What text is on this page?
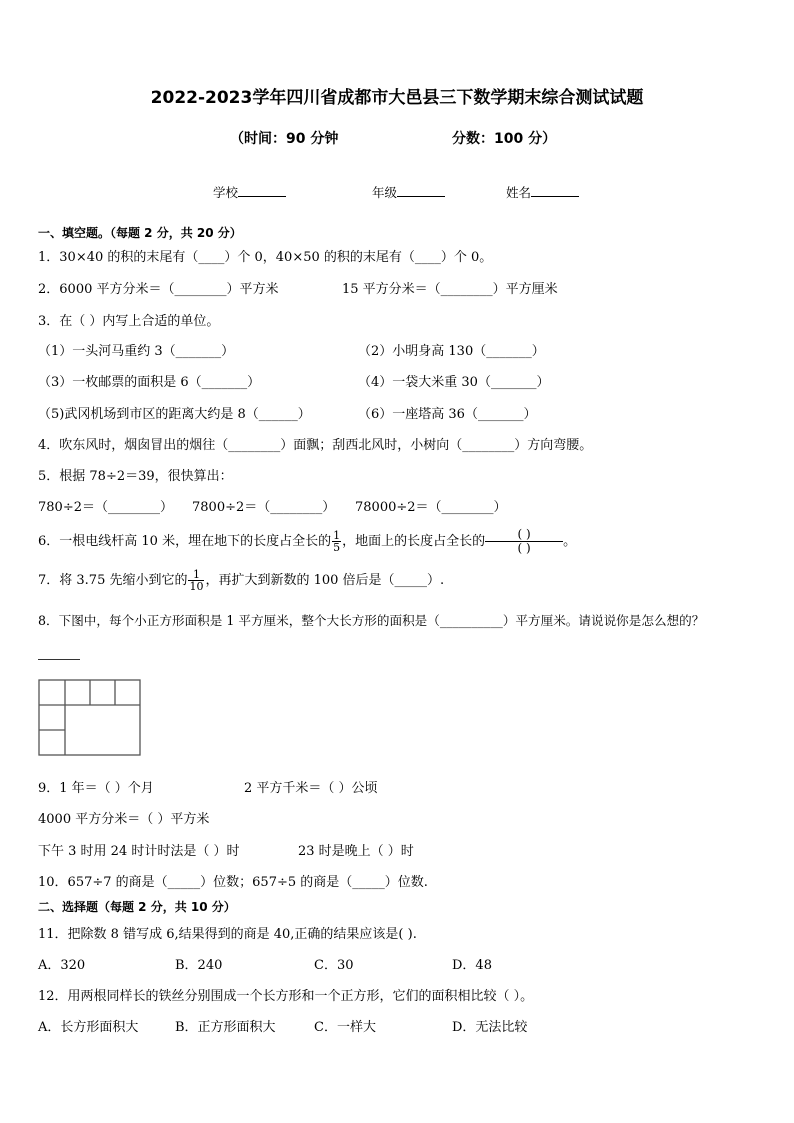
2022-2023学年四川省成都市大邑县三下数学期末综合测试试题
（时间：90 分钟	分数：100 分）
学校	年级	姓名
一、填空题。（每题 2 分，共 20 分）
1．30×40 的积的末尾有（____）个 0，40×50 的积的末尾有（____）个 0。
2．6000 平方分米＝（________）平方米	15 平方分米＝（________）平方厘米
3．在（ ）内写上合适的单位。
（1）一头河马重约 3（_______）	（2）小明身高 130（_______）
（3）一枚邮票的面积是 6（_______）	（4）一袋大米重 30（_______）
（5)武冈机场到市区的距离大约是 8（______）	（6）一座塔高 36（_______）
4．吹东风时，烟囱冒出的烟往（________）面飘；刮西北风时，小树向（________）方向弯腰。
5．根据 78÷2＝39，很快算出：
780÷2＝（________） 7800÷2＝（________） 78000÷2＝（________）
6．一根电线杆高 10 米，埋在地下的长度占全长的 $\frac{1}{5}$ ，地面上的长度占全长的
( )
( )	。
7．将 3.75 先缩小到它的 $\frac{1}{10}$ ，再扩大到新数的 100 倍后是（_____）.
8．下图中，每个小正方形面积是 1 平方厘米，整个大长方形的面积是（__________）平方厘米。请说说你是怎么想的？
9．1 年＝（ ）个月	2 平方千米＝（ ）公顷
4000 平方分米＝（ ）平方米
下午 3 时用 24 时计时法是（ ）时	23 时是晚上（ ）时
10．657÷7 的商是（_____）位数；657÷5 的商是（_____）位数.
二、选择题（每题 2 分，共 10 分）
11．把除数 8 错写成 6,结果得到的商是 40,正确的结果应该是( ).
A．320	B．240	C．30	D．48
12．用两根同样长的铁丝分别围成一个长方形和一个正方形，它们的面积相比较（ ）。
A．长方形面积大	B．正方形面积大	C．一样大	D．无法比较
